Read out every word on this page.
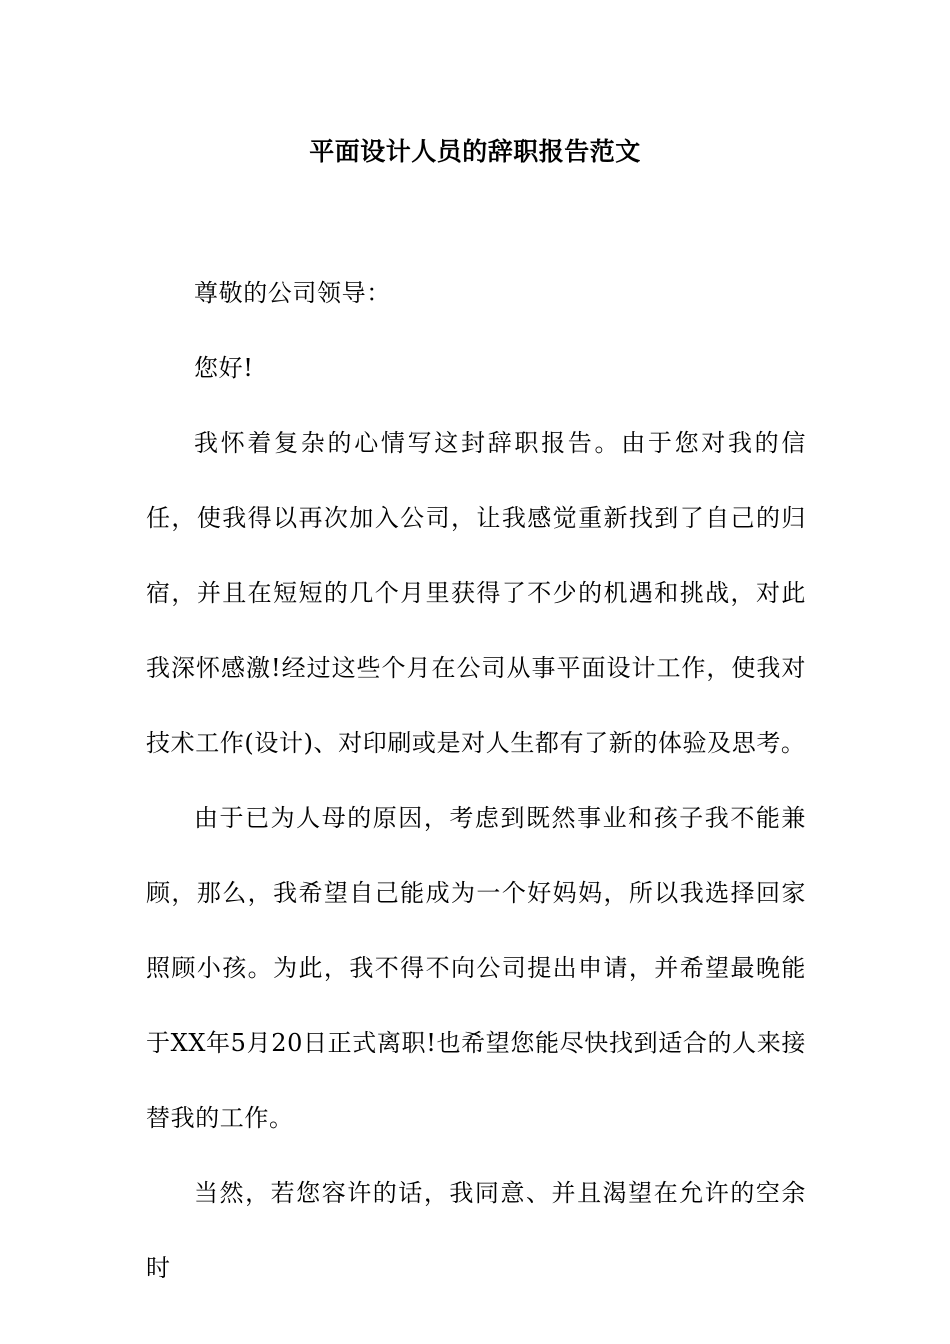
平面设计人员的辞职报告范文

尊敬的公司领导：

您好!

我怀着复杂的心情写这封辞职报告。由于您对我的信任，使我得以再次加入公司，让我感觉重新找到了自己的归宿，并且在短短的几个月里获得了不少的机遇和挑战，对此我深怀感激!经过这些个月在公司从事平面设计工作，使我对技术工作(设计)、对印刷或是对人生都有了新的体验及思考。

由于已为人母的原因，考虑到既然事业和孩子我不能兼顾，那么，我希望自己能成为一个好妈妈，所以我选择回家照顾小孩。为此，我不得不向公司提出申请，并希望最晚能于XX年5月20日正式离职!也希望您能尽快找到适合的人来接替我的工作。

当然，若您容许的话，我同意、并且渴望在允许的空余时
